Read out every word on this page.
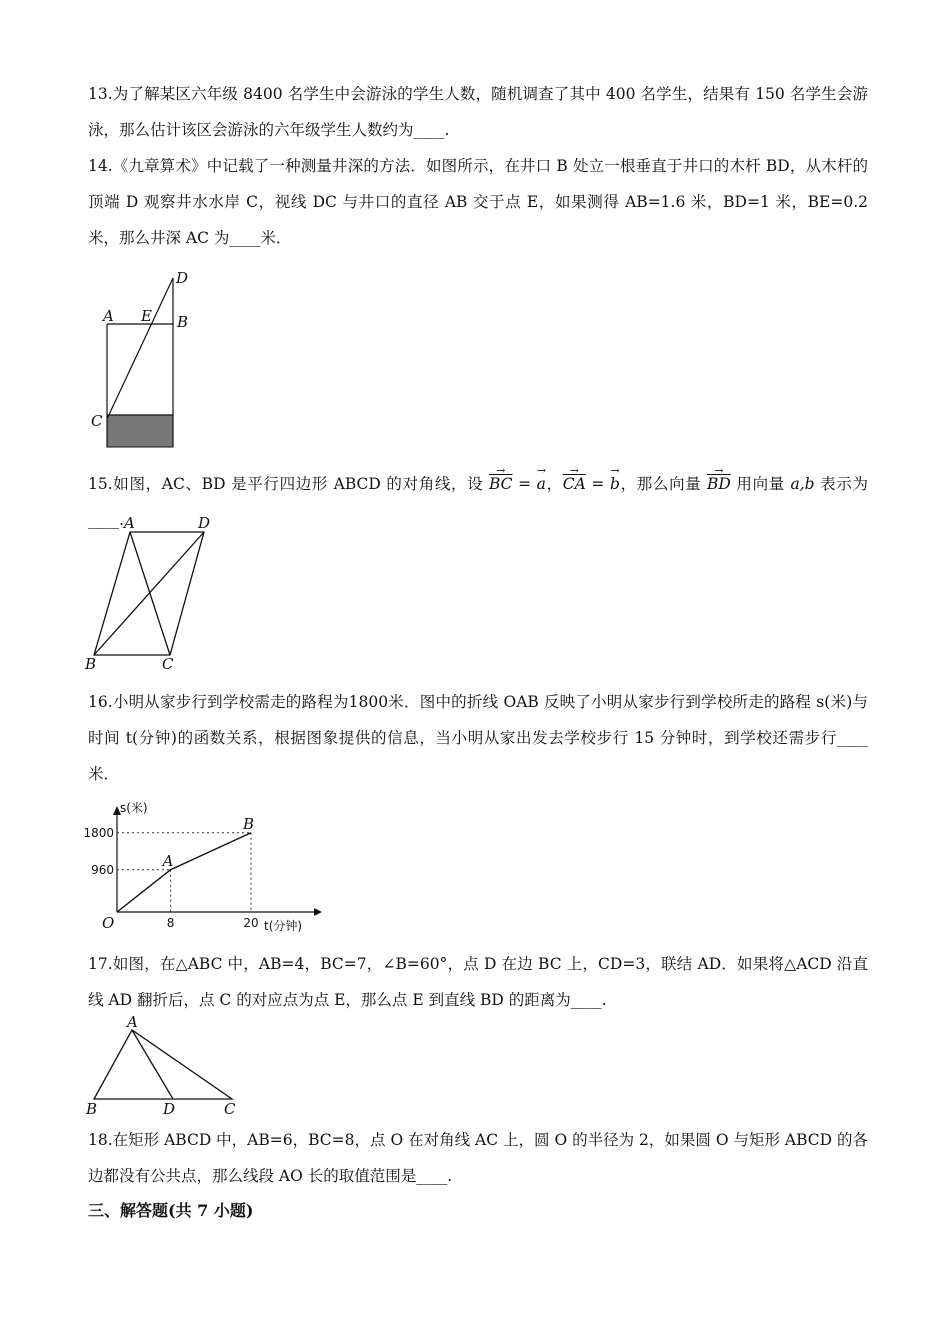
13.为了解某区六年级 8400 名学生中会游泳的学生人数，随机调查了其中 400 名学生，结果有 150 名学生会游泳，那么估计该区会游泳的六年级学生人数约为____.

14.《九章算术》中记载了一种测量井深的方法．如图所示，在井口 B 处立一根垂直于井口的木杆 BD，从木杆的顶端 D 观察井水水岸 C，视线 DC 与井口的直径 AB 交于点 E，如果测得 AB=1.6 米，BD=1 米，BE=0.2 米，那么井深 AC 为____米．

A E B
D
C

15.如图，AC、BD 是平行四边形 ABCD 的对角线，设 → $\overline{BC}$ = → a，→ $\overline{CA}$ = → b，那么向量 → $\overline{BD}$ 用向量 a,b 表示为____. A	D
B	C

16.小明从家步行到学校需走的路程为1800米．图中的折线 OAB 反映了小明从家步行到学校所走的路程 s(米)与时间 t(分钟)的函数关系，根据图象提供的信息，当小明从家出发去学校步行 15 分钟时，到学校还需步行____米．

s(米)
t(分钟)
O
1800
960
8	20
A
B

17.如图，在△ABC 中，AB=4，BC=7，∠B=60°，点 D 在边 BC 上，CD=3，联结 AD．如果将△ACD 沿直线 AD 翻折后，点 C 的对应点为点 E，那么点 E 到直线 BD 的距离为____.

A
B	D	C

18.在矩形 ABCD 中，AB=6，BC=8，点 O 在对角线 AC 上，圆 O 的半径为 2，如果圆 O 与矩形 ABCD 的各边都没有公共点，那么线段 AO 长的取值范围是____.

三、解答题(共 7 小题)
